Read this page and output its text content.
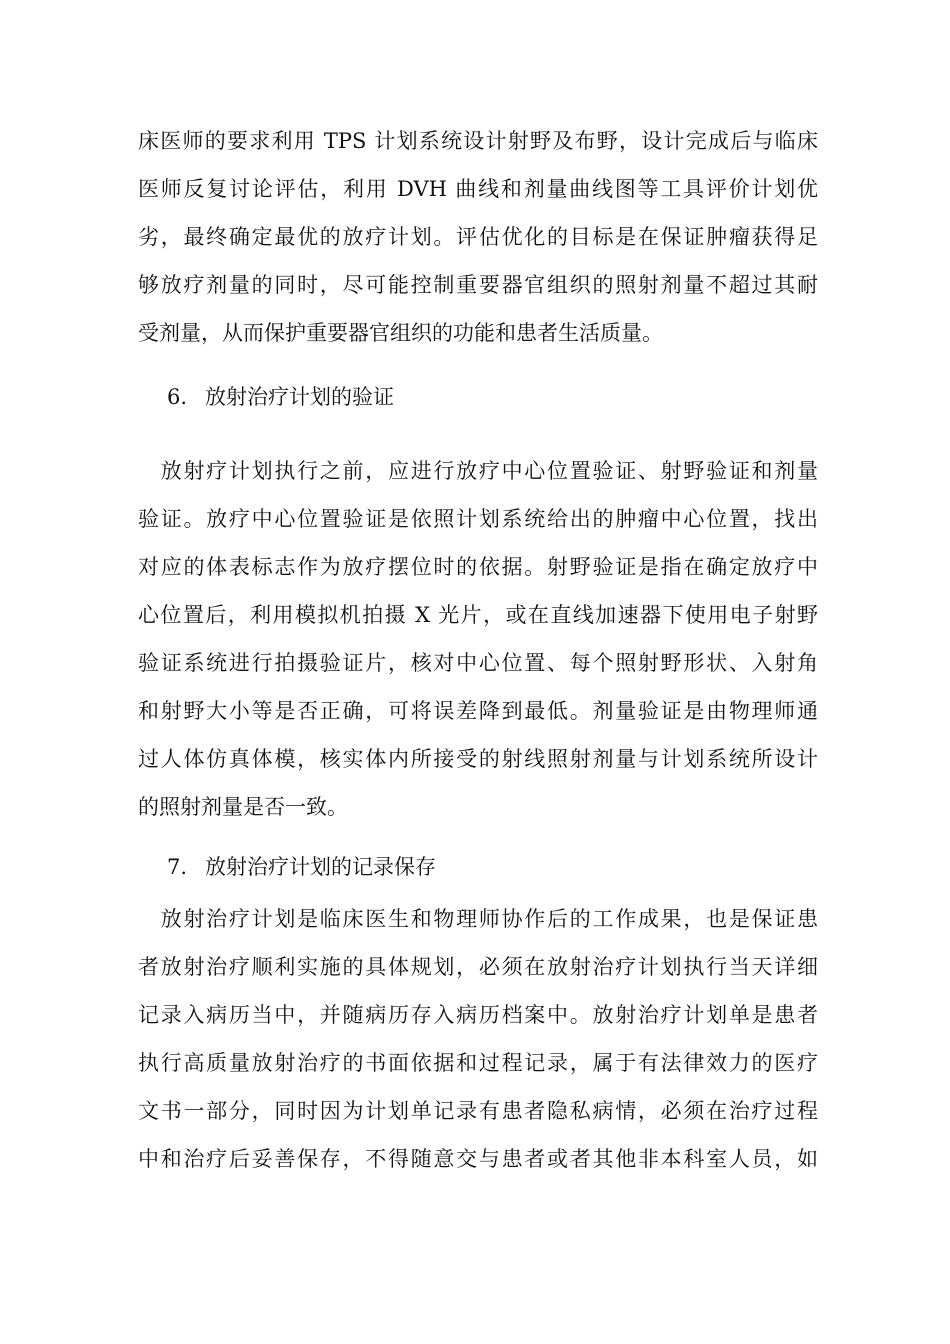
床医师的要求利用 TPS 计划系统设计射野及布野，设计完成后与临床
医师反复讨论评估，利用 DVH 曲线和剂量曲线图等工具评价计划优
劣，最终确定最优的放疗计划。评估优化的目标是在保证肿瘤获得足
够放疗剂量的同时，尽可能控制重要器官组织的照射剂量不超过其耐
受剂量，从而保护重要器官组织的功能和患者生活质量。
6. 放射治疗计划的验证
　放射疗计划执行之前，应进行放疗中心位置验证、射野验证和剂量
验证。放疗中心位置验证是依照计划系统给出的肿瘤中心位置，找出
对应的体表标志作为放疗摆位时的依据。射野验证是指在确定放疗中
心位置后，利用模拟机拍摄 X 光片，或在直线加速器下使用电子射野
验证系统进行拍摄验证片，核对中心位置、每个照射野形状、入射角
和射野大小等是否正确，可将误差降到最低。剂量验证是由物理师通
过人体仿真体模，核实体内所接受的射线照射剂量与计划系统所设计
的照射剂量是否一致。
7. 放射治疗计划的记录保存
　放射治疗计划是临床医生和物理师协作后的工作成果，也是保证患
者放射治疗顺利实施的具体规划，必须在放射治疗计划执行当天详细
记录入病历当中，并随病历存入病历档案中。放射治疗计划单是患者
执行高质量放射治疗的书面依据和过程记录，属于有法律效力的医疗
文书一部分，同时因为计划单记录有患者隐私病情，必须在治疗过程
中和治疗后妥善保存，不得随意交与患者或者其他非本科室人员，如
